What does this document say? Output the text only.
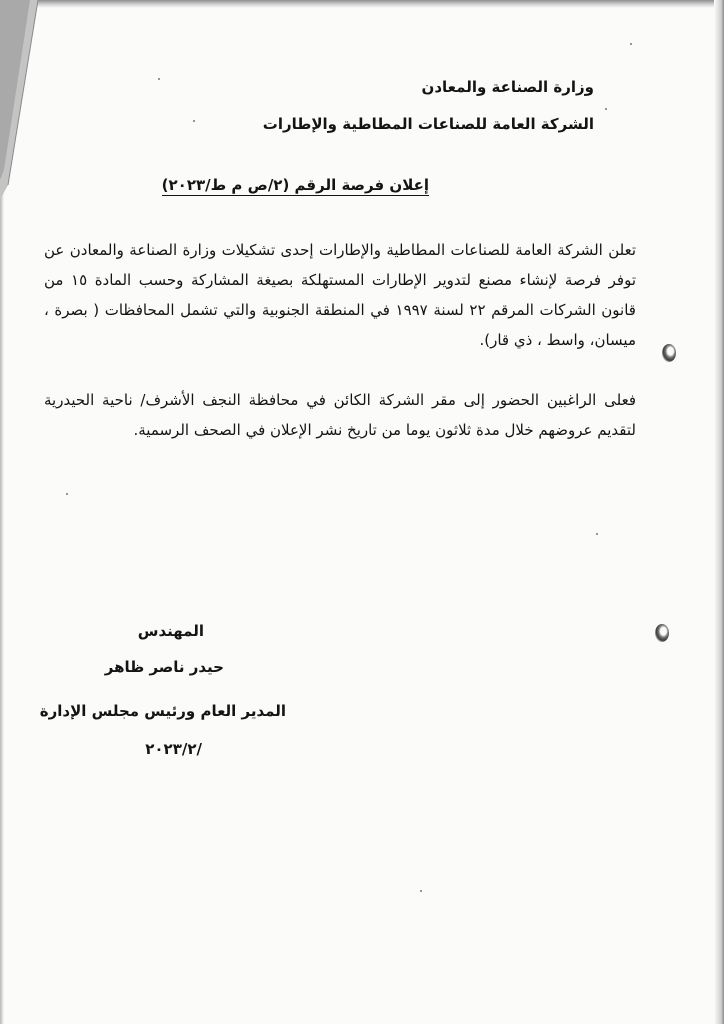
وزارة الصناعة والمعادن
الشركة العامة للصناعات المطاطية والإطارات
إعلان فرصة الرقم (٢/ص م ط/٢٠٢٣)
تعلن الشركة العامة للصناعات المطاطية والإطارات إحدى تشكيلات وزارة الصناعة والمعادن عن توفر فرصة لإنشاء مصنع لتدوير الإطارات المستهلكة بصيغة المشاركة وحسب المادة ١٥ من قانون الشركات المرقم ٢٢ لسنة ١٩٩٧ في المنطقة الجنوبية والتي تشمل المحافظات ( بصرة ، ميسان، واسط ، ذي قار).
فعلى الراغبين الحضور إلى مقر الشركة الكائن في محافظة النجف الأشرف/ ناحية الحيدرية لتقديم عروضهم خلال مدة ثلاثون يوما من تاريخ نشر الإعلان في الصحف الرسمية.
المهندس
حيدر ناصر ظاهر
المدير العام ورئيس مجلس الإدارة
٢٠٢٣/٢/
